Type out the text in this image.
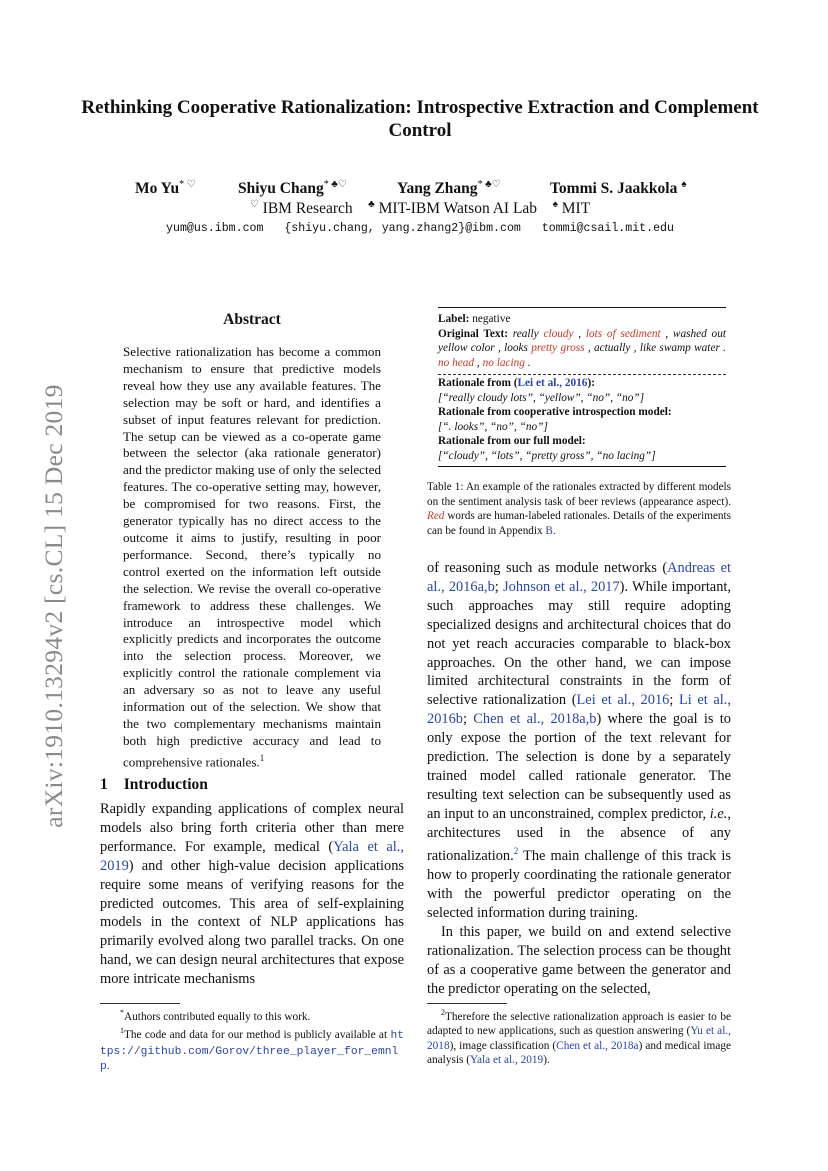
arXiv:1910.13294v2 [cs.CL] 15 Dec 2019
Rethinking Cooperative Rationalization: Introspective Extraction and Complement Control
Mo Yu* ♡	Shiyu Chang* ♣♡	Yang Zhang* ♣♡	Tommi S. Jaakkola ♠
♡ IBM Research ♣ MIT-IBM Watson AI Lab ♠ MIT
yum@us.ibm.com   {shiyu.chang, yang.zhang2}@ibm.com   tommi@csail.mit.edu
Abstract
Selective rationalization has become a common mechanism to ensure that predictive models reveal how they use any available features. The selection may be soft or hard, and identifies a subset of input features relevant for prediction. The setup can be viewed as a co-operate game between the selector (aka rationale generator) and the predictor making use of only the selected features. The co-operative setting may, however, be compromised for two reasons. First, the generator typically has no direct access to the outcome it aims to justify, resulting in poor performance. Second, there’s typically no control exerted on the information left outside the selection. We revise the overall co-operative framework to address these challenges. We introduce an introspective model which explicitly predicts and incorporates the outcome into the selection process. Moreover, we explicitly control the rationale complement via an adversary so as not to leave any useful information out of the selection. We show that the two complementary mechanisms maintain both high predictive accuracy and lead to comprehensive rationales.$^1$
1 Introduction
Rapidly expanding applications of complex neural models also bring forth criteria other than mere performance. For example, medical (Yala et al., 2019) and other high-value decision applications require some means of verifying reasons for the predicted outcomes. This area of self-explaining models in the context of NLP applications has primarily evolved along two parallel tracks. On one hand, we can design neural architectures that expose more intricate mechanisms
*Authors contributed equally to this work.
$^1$The code and data for our method is publicly available at https://github.com/Gorov/three_player_for_emnlp.
Label: negative
Original Text: really cloudy , lots of sediment , washed out yellow color , looks pretty gross , actually , like swamp water . no head , no lacing .
Rationale from (Lei et al., 2016):
[“really cloudy lots”, “yellow”, “no”, “no”]
Rationale from cooperative introspection model:
[“. looks”, “no”, “no”]
Rationale from our full model:
[“cloudy”, “lots”, “pretty gross”, “no lacing”]
Table 1: An example of the rationales extracted by different models on the sentiment analysis task of beer reviews (appearance aspect). Red words are human-labeled rationales. Details of the experiments can be found in Appendix B.
of reasoning such as module networks (Andreas et al., 2016a,b; Johnson et al., 2017). While important, such approaches may still require adopting specialized designs and architectural choices that do not yet reach accuracies comparable to black-box approaches. On the other hand, we can impose limited architectural constraints in the form of selective rationalization (Lei et al., 2016; Li et al., 2016b; Chen et al., 2018a,b) where the goal is to only expose the portion of the text relevant for prediction. The selection is done by a separately trained model called rationale generator. The resulting text selection can be subsequently used as an input to an unconstrained, complex predictor, i.e., architectures used in the absence of any rationalization.$^2$ The main challenge of this track is how to properly coordinating the rationale generator with the powerful predictor operating on the selected information during training.
In this paper, we build on and extend selective rationalization. The selection process can be thought of as a cooperative game between the generator and the predictor operating on the selected,
$^2$Therefore the selective rationalization approach is easier to be adapted to new applications, such as question answering (Yu et al., 2018), image classification (Chen et al., 2018a) and medical image analysis (Yala et al., 2019).
